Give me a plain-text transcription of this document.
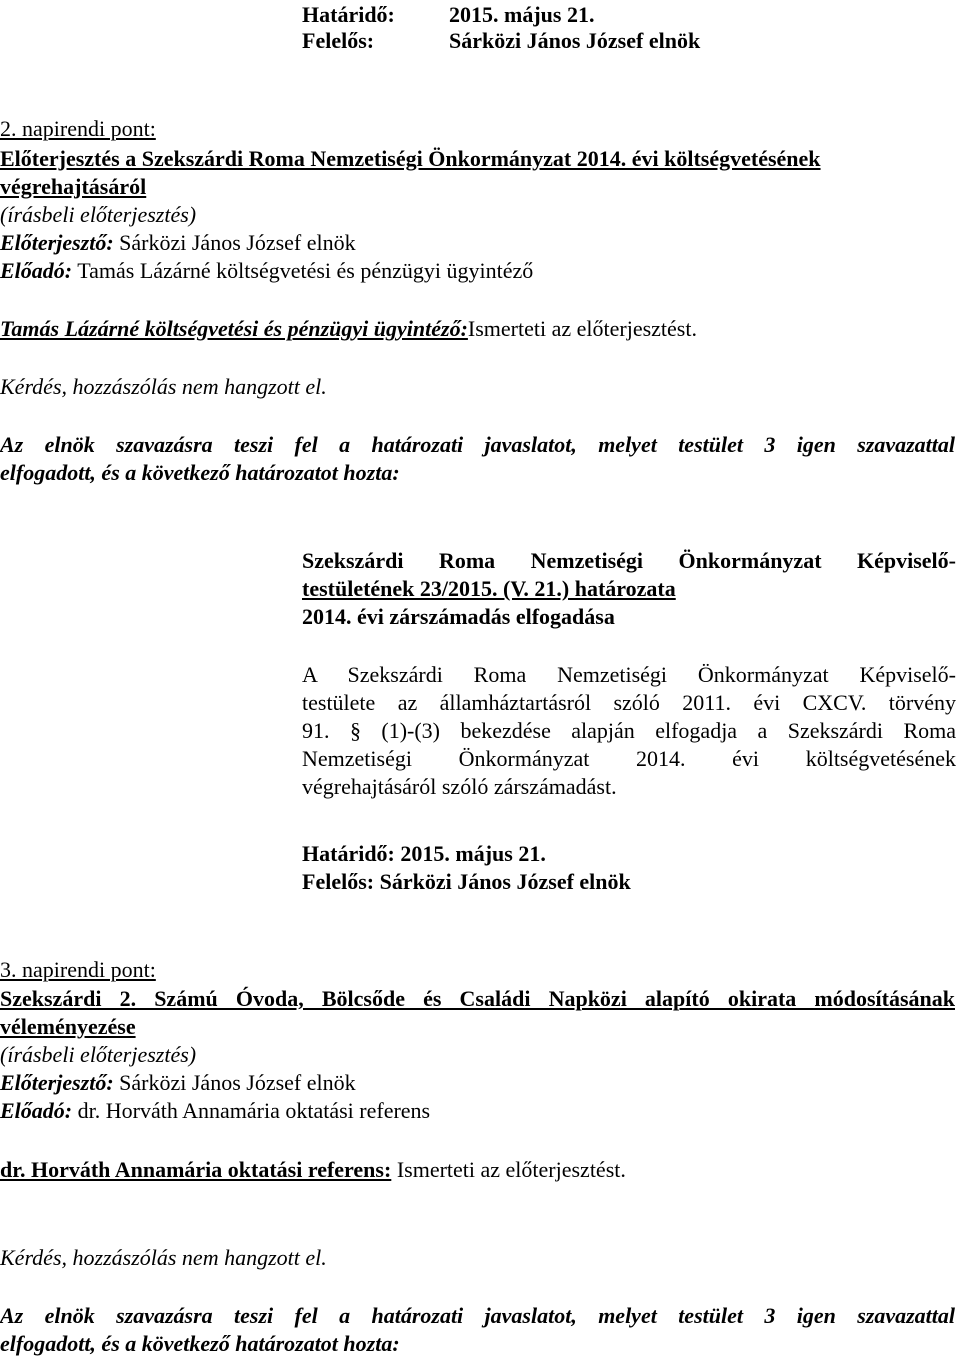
Határidő: 2015. május 21.
Felelős:	Sárközi János József elnök
2. napirendi pont:
Előterjesztés a Szekszárdi Roma Nemzetiségi Önkormányzat 2014. évi költségvetésének
végrehajtásáról
(írásbeli előterjesztés)
Előterjesztő: Sárközi János József elnök
Előadó: Tamás Lázárné költségvetési és pénzügyi ügyintéző
Tamás Lázárné költségvetési és pénzügyi ügyintéző:Ismerteti az előterjesztést.
Kérdés, hozzászólás nem hangzott el.
Az elnök szavazásra teszi fel a határozati javaslatot, melyet testület 3 igen szavazattal
elfogadott, és a következő határozatot hozta:
Szekszárdi Roma Nemzetiségi Önkormányzat Képviselő-
testületének 23/2015. (V. 21.) határozata
2014. évi zárszámadás elfogadása
A Szekszárdi Roma Nemzetiségi Önkormányzat Képviselő-
testülete az államháztartásról szóló 2011. évi CXCV. törvény
91. § (1)-(3) bekezdése alapján elfogadja a Szekszárdi Roma
Nemzetiségi Önkormányzat 2014. évi költségvetésének
végrehajtásáról szóló zárszámadást.
Határidő: 2015. május 21.
Felelős: Sárközi János József elnök
3. napirendi pont:
Szekszárdi 2. Számú Óvoda, Bölcsőde és Családi Napközi alapító okirata módosításának
véleményezése
(írásbeli előterjesztés)
Előterjesztő: Sárközi János József elnök
Előadó: dr. Horváth Annamária oktatási referens
dr. Horváth Annamária oktatási referens: Ismerteti az előterjesztést.
Kérdés, hozzászólás nem hangzott el.
Az elnök szavazásra teszi fel a határozati javaslatot, melyet testület 3 igen szavazattal
elfogadott, és a következő határozatot hozta:
